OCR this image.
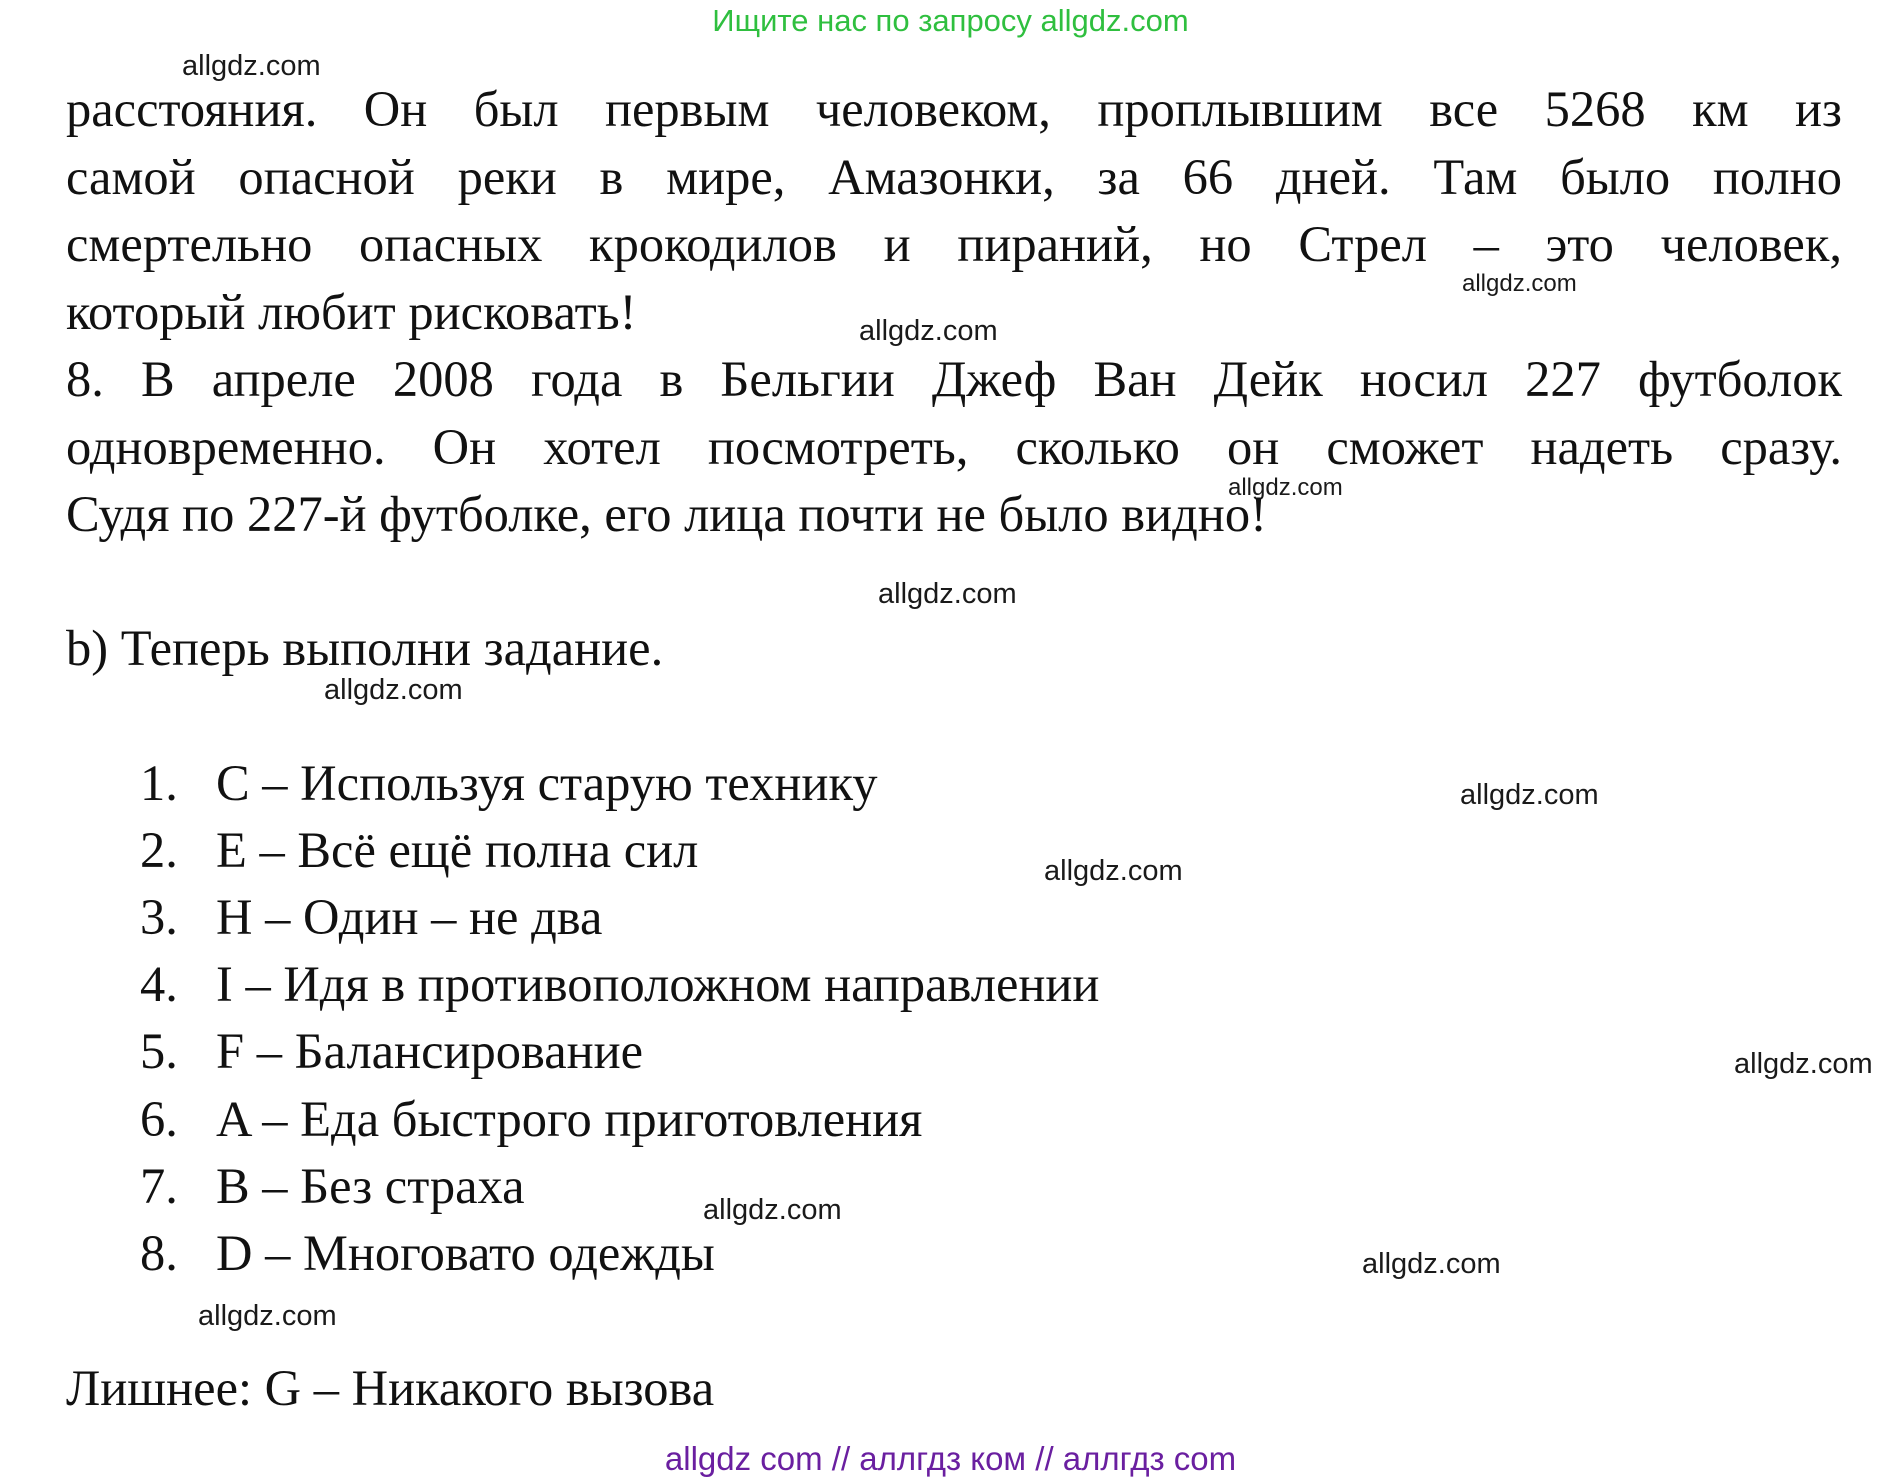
Ищите нас по запросу allgdz.com
allgdz.com
allgdz.com
allgdz.com
allgdz.com
allgdz.com
allgdz.com
allgdz.com
allgdz.com
allgdz.com
allgdz.com
allgdz.com
allgdz.com
расстояния. Он был первым человеком, проплывшим все 5268 км из
самой опасной реки в мире, Амазонки, за 66 дней. Там было полно
смертельно опасных крокодилов и пираний, но Стрел – это человек,
который любит рисковать!
8. В апреле 2008 года в Бельгии Джеф Ван Дейк носил 227 футболок
одновременно. Он хотел посмотреть, сколько он сможет надеть сразу.
Судя по 227-й футболке, его лица почти не было видно!
b) Теперь выполни задание.
1. C – Используя старую технику
2. E – Всё ещё полна сил
3. H – Один – не два
4. I – Идя в противоположном направлении
5. F – Балансирование
6. A – Еда быстрого приготовления
7. B – Без страха
8. D – Многовато одежды
Лишнее: G – Никакого вызова
allgdz com // аллгдз ком // аллгдз com
